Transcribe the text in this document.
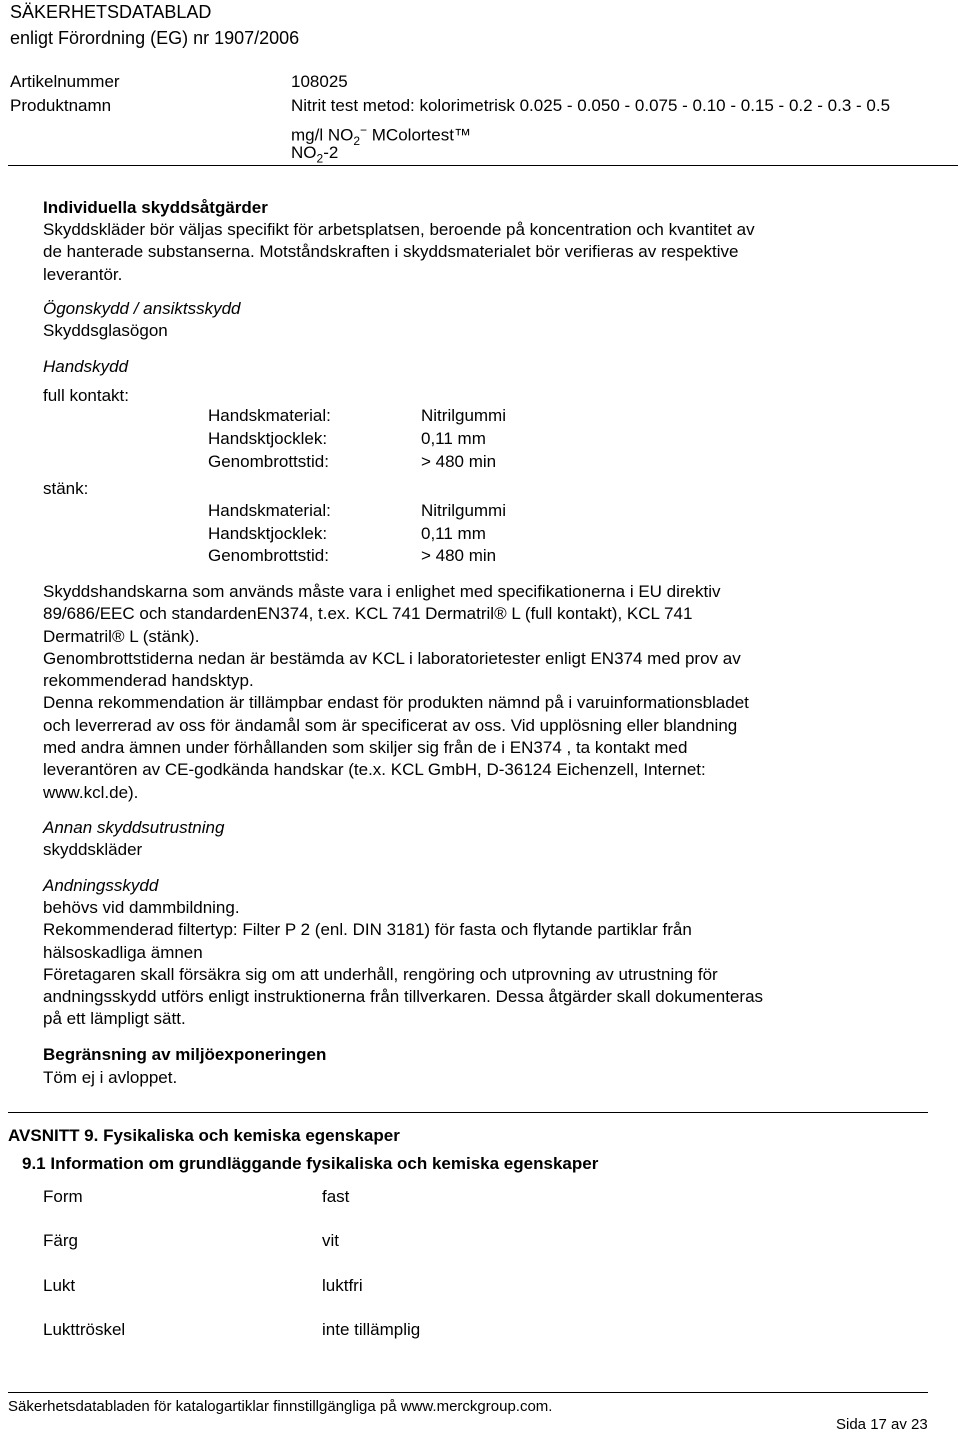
SÄKERHETSDATABLAD
enligt Förordning (EG) nr 1907/2006
Artikelnummer	108025
Produktnamn	Nitrit test metod: kolorimetrisk 0.025 - 0.050 - 0.075 - 0.10 - 0.15 - 0.2 - 0.3 - 0.5
mg/l $NO_2^-$ MColortest™
$NO_2-2$
Individuella skyddsåtgärder
Skyddskläder bör väljas specifikt för arbetsplatsen, beroende på koncentration och kvantitet av
de hanterade substanserna. Motståndskraften i skyddsmaterialet bör verifieras av respektive
leverantör.
Ögonskydd / ansiktsskydd
Skyddsglasögon
Handskydd
full kontakt:
Handskmaterial:	Nitrilgummi
Handsktjocklek:	0,11 mm
Genombrottstid:	> 480 min
stänk:
Handskmaterial:	Nitrilgummi
Handsktjocklek:	0,11 mm
Genombrottstid:	> 480 min
Skyddshandskarna som används måste vara i enlighet med specifikationerna i EU direktiv
89/686/EEC och standardenEN374, t.ex. KCL 741 Dermatril® L (full kontakt), KCL 741
Dermatril® L (stänk).
Genombrottstiderna nedan är bestämda av KCL i laboratorietester enligt EN374 med prov av
rekommenderad handsktyp.
Denna rekommendation är tillämpbar endast för produkten nämnd på i varuinformationsbladet
och leverrerad av oss för ändamål som är specificerat av oss. Vid upplösning eller blandning
med andra ämnen under förhållanden som skiljer sig från de i EN374 , ta kontakt med
leverantören av CE-godkända handskar (te.x. KCL GmbH, D-36124 Eichenzell, Internet:
www.kcl.de).
Annan skyddsutrustning
skyddskläder
Andningsskydd
behövs vid dammbildning.
Rekommenderad filtertyp: Filter P 2 (enl. DIN 3181) för fasta och flytande partiklar från
hälsoskadliga ämnen
Företagaren skall försäkra sig om att underhåll, rengöring och utprovning av utrustning för
andningsskydd utförs enligt instruktionerna från tillverkaren. Dessa åtgärder skall dokumenteras
på ett lämpligt sätt.
Begränsning av miljöexponeringen
Töm ej i avloppet.
AVSNITT 9. Fysikaliska och kemiska egenskaper
9.1 Information om grundläggande fysikaliska och kemiska egenskaper
Form	fast
Färg	vit
Lukt	luktfri
Lukttröskel	inte tillämplig
Säkerhetsdatabladen för katalogartiklar finnstillgängliga på www.merckgroup.com.
Sida 17 av 23
